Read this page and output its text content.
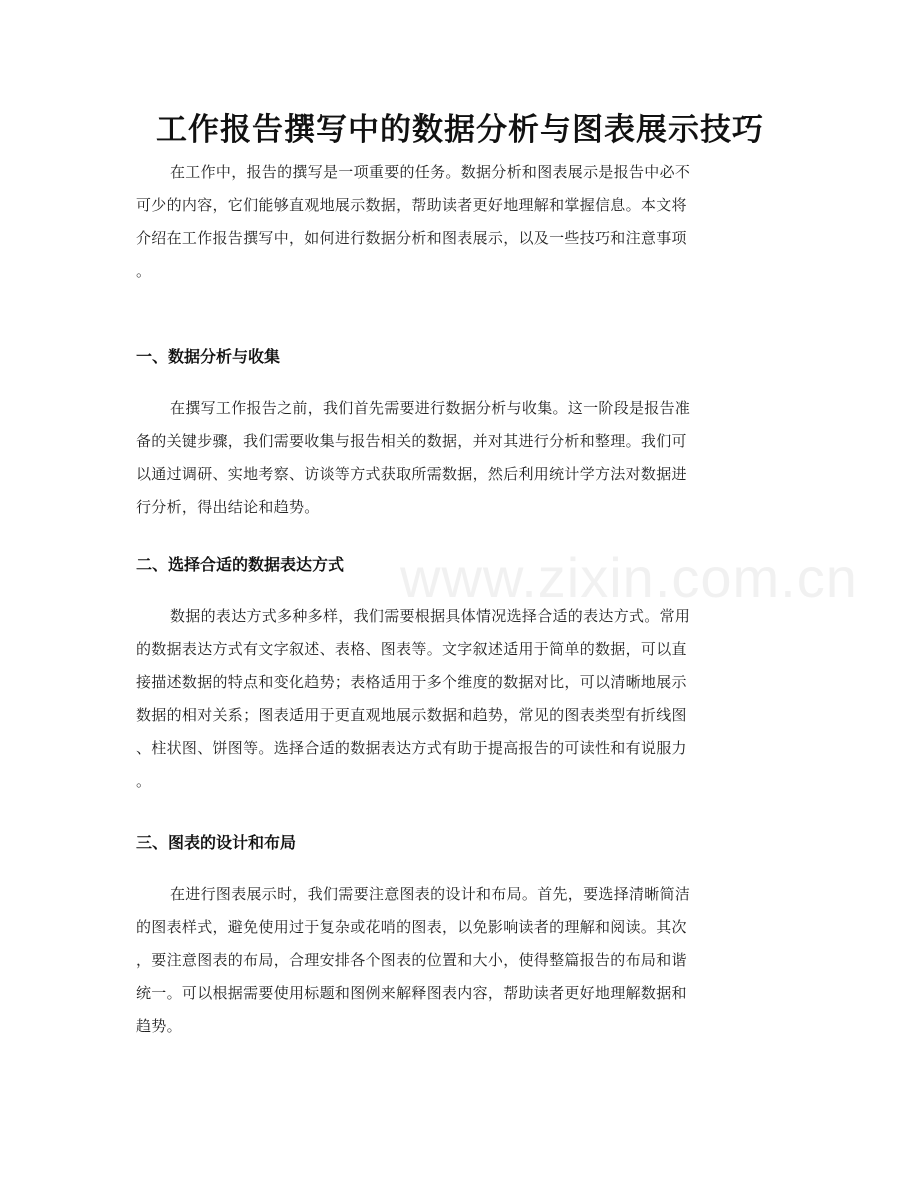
www.zixin.com.cn
工作报告撰写中的数据分析与图表展示技巧

在工作中，报告的撰写是一项重要的任务。数据分析和图表展示是报告中必不
可少的内容，它们能够直观地展示数据，帮助读者更好地理解和掌握信息。本文将
介绍在工作报告撰写中，如何进行数据分析和图表展示，以及一些技巧和注意事项
。

一、数据分析与收集

在撰写工作报告之前，我们首先需要进行数据分析与收集。这一阶段是报告准
备的关键步骤，我们需要收集与报告相关的数据，并对其进行分析和整理。我们可
以通过调研、实地考察、访谈等方式获取所需数据，然后利用统计学方法对数据进
行分析，得出结论和趋势。

二、选择合适的数据表达方式

数据的表达方式多种多样，我们需要根据具体情况选择合适的表达方式。常用
的数据表达方式有文字叙述、表格、图表等。文字叙述适用于简单的数据，可以直
接描述数据的特点和变化趋势；表格适用于多个维度的数据对比，可以清晰地展示
数据的相对关系；图表适用于更直观地展示数据和趋势，常见的图表类型有折线图
、柱状图、饼图等。选择合适的数据表达方式有助于提高报告的可读性和有说服力
。

三、图表的设计和布局

在进行图表展示时，我们需要注意图表的设计和布局。首先，要选择清晰简洁
的图表样式，避免使用过于复杂或花哨的图表，以免影响读者的理解和阅读。其次
，要注意图表的布局，合理安排各个图表的位置和大小，使得整篇报告的布局和谐
统一。可以根据需要使用标题和图例来解释图表内容，帮助读者更好地理解数据和
趋势。
